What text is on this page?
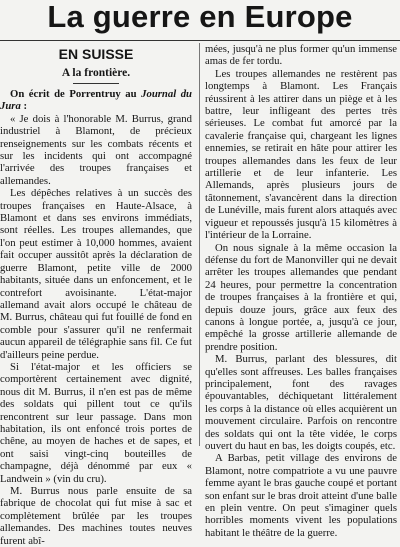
La guerre en Europe
EN SUISSE
A la frontière.

On écrit de Porrentruy au Journal du Jura :

« Je dois à l'honorable M. Burrus, grand industriel à Blamont, de précieux renseignements sur les combats récents et sur les incidents qui ont accompagné l'arrivée des troupes françaises et allemandes.

Les dépêches relatives à un succès des troupes françaises en Haute-Alsace, à Blamont et dans ses environs immédiats, sont réelles. Les troupes allemandes, que l'on peut estimer à 10,000 hommes, avaient fait occuper aussitôt après la déclaration de guerre Blamont, petite ville de 2000 habitants, située dans un enfoncement, et le contrefort avoisinante. L'état-major allemand avait alors occupé le château de M. Burrus, château qui fut fouillé de fond en comble pour s'assurer qu'il ne renfermait aucun appareil de télégraphie sans fil. Ce fut d'ailleurs peine perdue.

Si l'état-major et les officiers se comportèrent certainement avec dignité, nous dit M. Burrus, il n'en est pas de même des soldats qui pillent tout ce qu'ils rencontrent sur leur passage. Dans mon habitation, ils ont enfoncé trois portes de chêne, au moyen de haches et de sapes, et ont saisi vingt-cinq bouteilles de champagne, déjà dénommé par eux « Landwein » (vin du cru).

M. Burrus nous parle ensuite de sa fabrique de chocolat qui fut mise à sac et complètement brûlée par les troupes allemandes. Des machines toutes neuves furent abî-

mées, jusqu'à ne plus former qu'un immense amas de fer tordu.

Les troupes allemandes ne restèrent pas longtemps à Blamont. Les Français réussirent à les attirer dans un piège et à les battre, leur infligeant des pertes très sérieuses. Le combat fut amorcé par la cavalerie française qui, chargeant les lignes ennemies, se retirait en hâte pour attirer les troupes allemandes dans les feux de leur artillerie et de leur infanterie. Les Allemands, après plusieurs jours de tâtonnement, s'avancèrent dans la direction de Lunéville, mais furent alors attaqués avec vigueur et repoussés jusqu'à 15 kilomètres à l'intérieur de la Lorraine.

On nous signale à la même occasion la défense du fort de Manonviller qui ne devait arrêter les troupes allemandes que pendant 24 heures, pour permettre la concentration de troupes françaises à la frontière et qui, depuis douze jours, grâce aux feux des canons à longue portée, a, jusqu'à ce jour, empêché la grosse artillerie allemande de prendre position.

M. Burrus, parlant des blessures, dit qu'elles sont affreuses. Les balles françaises principalement, font des ravages épouvantables, déchiquetant littéralement les corps à la distance où elles acquièrent un mouvement circulaire. Parfois on rencontre des soldats qui ont la tête vidée, le corps ouvert du haut en bas, les doigts coupés, etc.

A Barbas, petit village des environs de Blamont, notre compatriote a vu une pauvre femme ayant le bras gauche coupé et portant son enfant sur le bras droit atteint d'une balle en plein ventre. On peut s'imaginer quels horribles moments vivent les populations habitant le théâtre de la guerre.
